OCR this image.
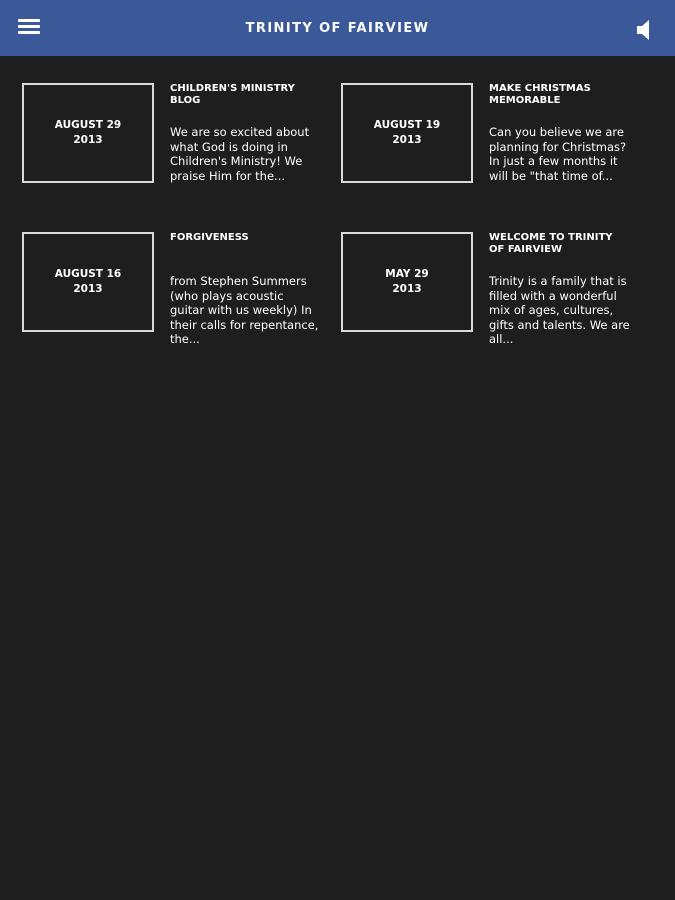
TRINITY OF FAIRVIEW
AUGUST 29
2013
CHILDREN'S MINISTRY BLOG
We are so excited about what God is doing in Children's Ministry! We praise Him for the...
AUGUST 19
2013
MAKE CHRISTMAS MEMORABLE
Can you believe we are planning for Christmas? In just a few months it will be "that time of...
AUGUST 16
2013
FORGIVENESS
from Stephen Summers (who plays acoustic guitar with us weekly) In their calls for repentance, the...
MAY 29
2013
WELCOME TO TRINITY OF FAIRVIEW
Trinity is a family that is filled with a wonderful mix of ages, cultures, gifts and talents. We are all...
